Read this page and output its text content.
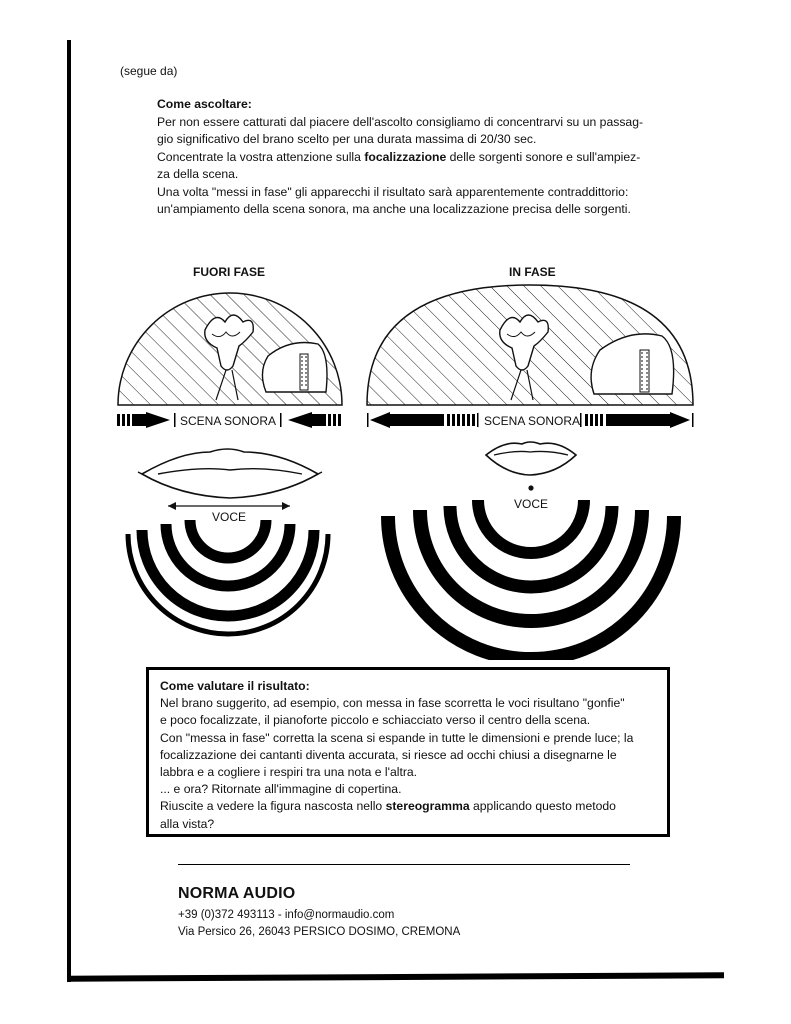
(segue da)

Come ascoltare:

Per non essere catturati dal piacere dell'ascolto consigliamo di concentrarvi su un passag-

gio significativo del brano scelto per una durata massima di 20/30 sec.

Concentrate la vostra attenzione sulla focalizzazione delle sorgenti sonore e sull'ampiez-

za della scena.

Una volta "messi in fase" gli apparecchi il risultato sarà apparentemente contraddittorio:

un'ampiamento della scena sonora, ma anche una localizzazione precisa delle sorgenti.

FUORI FASE	IN FASE
SCENA SONORA	SCENA SONORA
VOCE
VOCE

Come valutare il risultato:

Nel brano suggerito, ad esempio, con messa in fase scorretta le voci risultano "gonfie"

e poco focalizzate, il pianoforte piccolo e schiacciato verso il centro della scena.

Con "messa in fase" corretta la scena si espande in tutte le dimensioni e prende luce; la

focalizzazione dei cantanti diventa accurata, si riesce ad occhi chiusi a disegnarne le

labbra e a cogliere i respiri tra una nota e l'altra.

... e ora? Ritornate all'immagine di copertina.

Riuscite a vedere la figura nascosta nello stereogramma applicando questo metodo

alla vista?

NORMA AUDIO
+39 (0)372 493113 - info@normaudio.com
Via Persico 26, 26043 PERSICO DOSIMO, CREMONA
